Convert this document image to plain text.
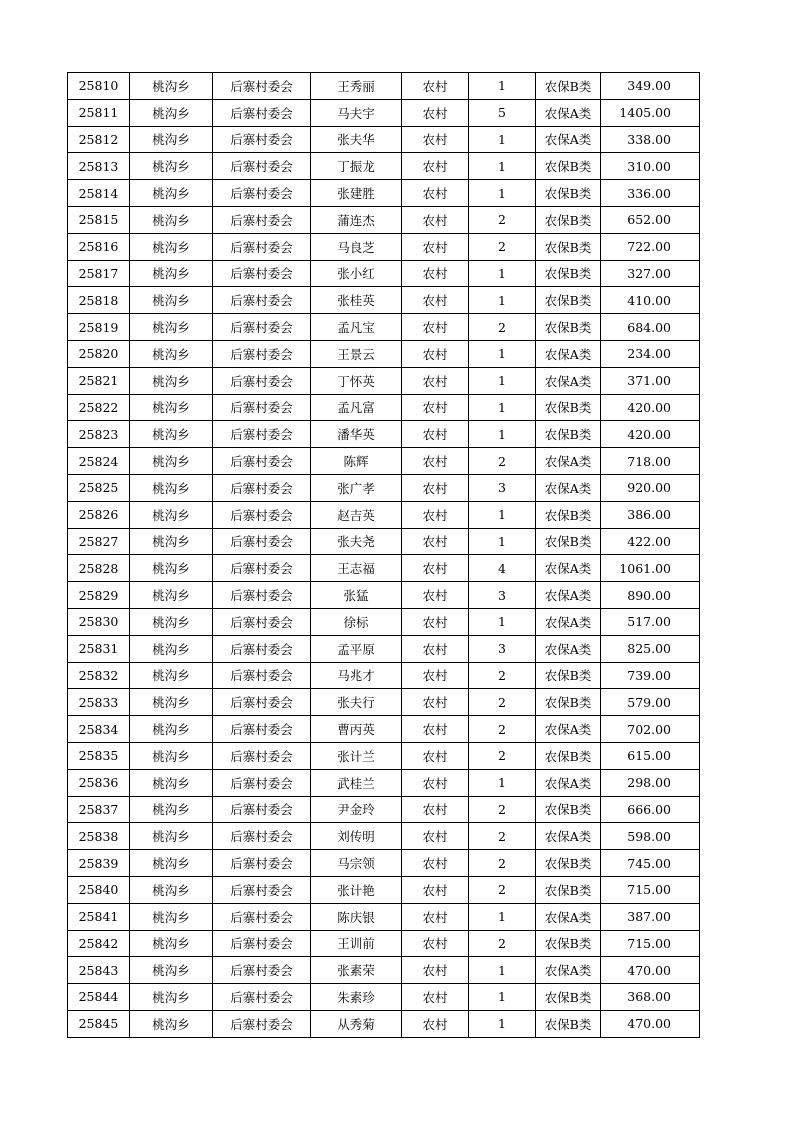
25810	桃沟乡	后寨村委会	王秀丽	农村	1	农保B类	349.00
25811	桃沟乡	后寨村委会	马夫宇	农村	5	农保A类	1405.00
25812	桃沟乡	后寨村委会	张夫华	农村	1	农保A类	338.00
25813	桃沟乡	后寨村委会	丁振龙	农村	1	农保B类	310.00
25814	桃沟乡	后寨村委会	张建胜	农村	1	农保B类	336.00
25815	桃沟乡	后寨村委会	蒲连杰	农村	2	农保B类	652.00
25816	桃沟乡	后寨村委会	马良芝	农村	2	农保B类	722.00
25817	桃沟乡	后寨村委会	张小红	农村	1	农保B类	327.00
25818	桃沟乡	后寨村委会	张桂英	农村	1	农保B类	410.00
25819	桃沟乡	后寨村委会	孟凡宝	农村	2	农保B类	684.00
25820	桃沟乡	后寨村委会	王景云	农村	1	农保A类	234.00
25821	桃沟乡	后寨村委会	丁怀英	农村	1	农保A类	371.00
25822	桃沟乡	后寨村委会	孟凡富	农村	1	农保B类	420.00
25823	桃沟乡	后寨村委会	潘华英	农村	1	农保B类	420.00
25824	桃沟乡	后寨村委会	陈辉	农村	2	农保A类	718.00
25825	桃沟乡	后寨村委会	张广孝	农村	3	农保A类	920.00
25826	桃沟乡	后寨村委会	赵吉英	农村	1	农保B类	386.00
25827	桃沟乡	后寨村委会	张夫尧	农村	1	农保B类	422.00
25828	桃沟乡	后寨村委会	王志福	农村	4	农保A类	1061.00
25829	桃沟乡	后寨村委会	张猛	农村	3	农保A类	890.00
25830	桃沟乡	后寨村委会	徐标	农村	1	农保A类	517.00
25831	桃沟乡	后寨村委会	孟平原	农村	3	农保A类	825.00
25832	桃沟乡	后寨村委会	马兆才	农村	2	农保B类	739.00
25833	桃沟乡	后寨村委会	张夫行	农村	2	农保B类	579.00
25834	桃沟乡	后寨村委会	曹丙英	农村	2	农保A类	702.00
25835	桃沟乡	后寨村委会	张计兰	农村	2	农保B类	615.00
25836	桃沟乡	后寨村委会	武桂兰	农村	1	农保A类	298.00
25837	桃沟乡	后寨村委会	尹金玲	农村	2	农保B类	666.00
25838	桃沟乡	后寨村委会	刘传明	农村	2	农保A类	598.00
25839	桃沟乡	后寨村委会	马宗领	农村	2	农保B类	745.00
25840	桃沟乡	后寨村委会	张计艳	农村	2	农保B类	715.00
25841	桃沟乡	后寨村委会	陈庆银	农村	1	农保A类	387.00
25842	桃沟乡	后寨村委会	王训前	农村	2	农保B类	715.00
25843	桃沟乡	后寨村委会	张素荣	农村	1	农保A类	470.00
25844	桃沟乡	后寨村委会	朱素珍	农村	1	农保B类	368.00
25845	桃沟乡	后寨村委会	从秀菊	农村	1	农保B类	470.00
